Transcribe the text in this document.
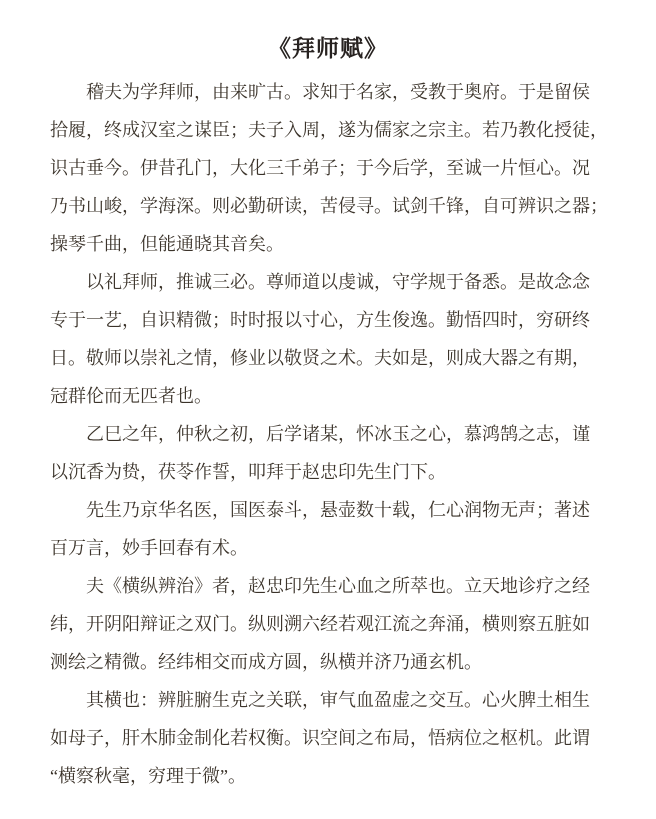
《拜师赋》
稽夫为学拜师，由来旷古。求知于名家，受教于奥府。于是留侯
拾履，终成汉室之谋臣；夫子入周，遂为儒家之宗主。若乃教化授徒，
识古垂今。伊昔孔门，大化三千弟子；于今后学，至诚一片恒心。况
乃书山峻，学海深。则必勤研读，苦侵寻。试剑千锋，自可辨识之器；
操琴千曲，但能通晓其音矣。
以礼拜师，推诚三必。尊师道以虔诚，守学规于备悉。是故念念
专于一艺，自识精微；时时报以寸心，方生俊逸。勤悟四时，穷研终
日。敬师以崇礼之情，修业以敬贤之术。夫如是，则成大器之有期，
冠群伦而无匹者也。
乙巳之年，仲秋之初，后学诸某，怀冰玉之心，慕鸿鹄之志，谨
以沉香为贽，茯苓作誓，叩拜于赵忠印先生门下。
先生乃京华名医，国医泰斗，悬壶数十载，仁心润物无声；著述
百万言，妙手回春有术。
夫《横纵辨治》者，赵忠印先生心血之所萃也。立天地诊疗之经
纬，开阴阳辩证之双门。纵则溯六经若观江流之奔涌，横则察五脏如
测绘之精微。经纬相交而成方圆，纵横并济乃通玄机。
其横也：辨脏腑生克之关联，审气血盈虚之交互。心火脾土相生
如母子，肝木肺金制化若权衡。识空间之布局，悟病位之枢机。此谓
“横察秋毫，穷理于微”。
